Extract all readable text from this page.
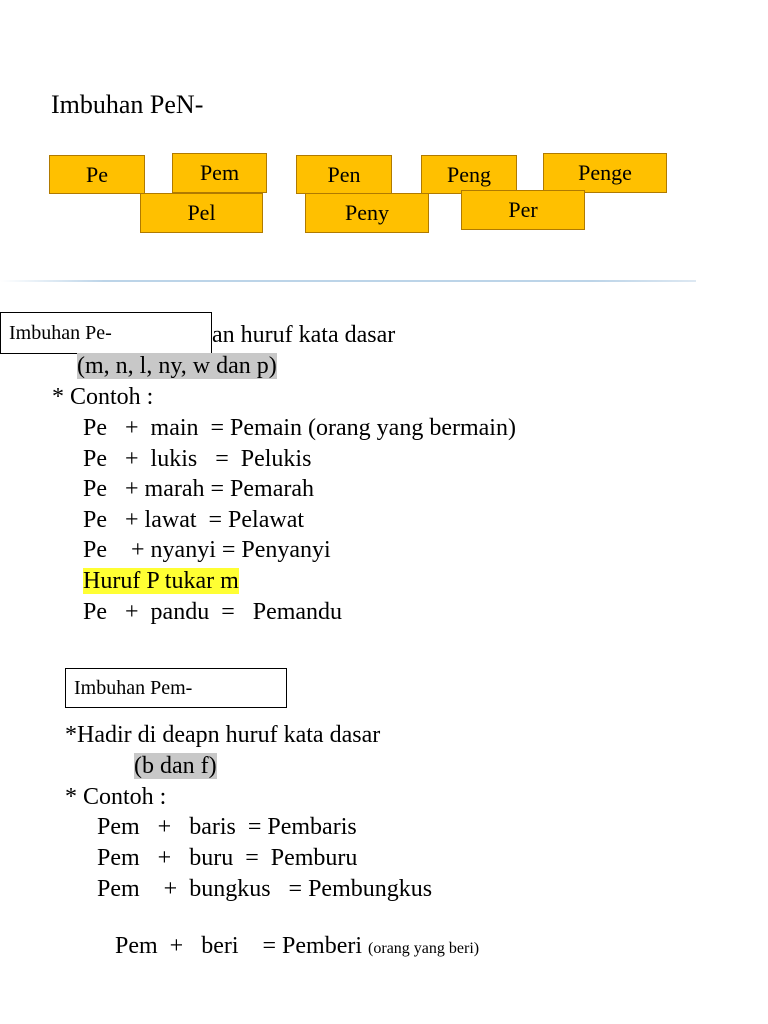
Imbuhan PeN-
Pe	Pem
Pel
Pen
Peny
Peng	Penge
Per
an huruf kata dasar
Imbuhan Pe-
(m, n, l, ny, w dan p)
* Contoh :
Pe   +  main  = Pemain (orang yang bermain)
Pe   +  lukis   =  Pelukis
Pe   + marah = Pemarah
Pe   + lawat  = Pelawat
Pe    + nyanyi = Penyanyi
Huruf P tukar m
Pe   +  pandu  =   Pemandu
Imbuhan Pem-
*Hadir di deapn huruf kata dasar
(b dan f)
* Contoh :
Pem   +   baris  = Pembaris
Pem   +   buru  =  Pemburu
Pem    +  bungkus   = Pembungkus

Pem  +   beri    = Pemberi (orang yang beri)
